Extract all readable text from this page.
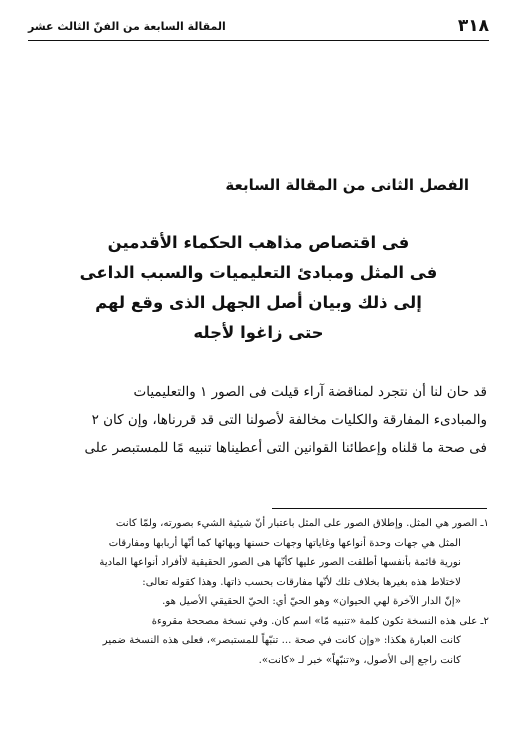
٣١٨
المقالة السابعة من الفنّ الثالث عشر
الفصل الثانى من المقالة السابعة
فى اقتصاص مذاهب الحكماء الأقدمين
فى المثل ومبادئ التعليميات والسبب الداعى
إلى ذلك وبيان أصل الجهل الذى وقع لهم
حتى زاغوا لأجله
قد حان لنا أن نتجرد لمناقضة آراء قيلت فى الصور ١ والتعليميات
والمبادىء المفارقة والكليات مخالفة لأصولنا التى قد قررناها، وإن كان ٢
فى صحة ما قلناه وإعطائنا القوانين التى أعطيناها تنبيه مًا للمستبصر على
١ـ الصور هي المثل. وإطلاق الصور على المثل باعتبار أنّ شيئية الشيء بصورته، ولمّا كانت
المثل هي جهات وحدة أنواعها وغاياتها وجهات حسنها وبهائها كما أنّها أربابها ومفارقات
نورية قائمة بأنفسها أطلقت الصور عليها كأنّها هى الصور الحقيقية لاأفراد أنواعها المادية
لاختلاط هذه بغيرها بخلاف تلك لأنّها مفارقات بحسب ذاتها. وهذا كقوله تعالى:
«إنّ الدار الآخرة لهي الحيوان» وهو الحيّ أي: الحيّ الحقيقي الأصيل هو.
٢ـ على هذه النسخة تكون كلمة «تنبيه مّا» اسم كان. وفي نسخة مصححة مقروءة
كانت العبارة هكذا: «وإن كانت في صحة ... تنبّهاً للمستبصر»، فعلى هذه النسخة ضمير
كانت راجع إلى الأصول، و«تنبّهاً» خبر لـ «كانت».
